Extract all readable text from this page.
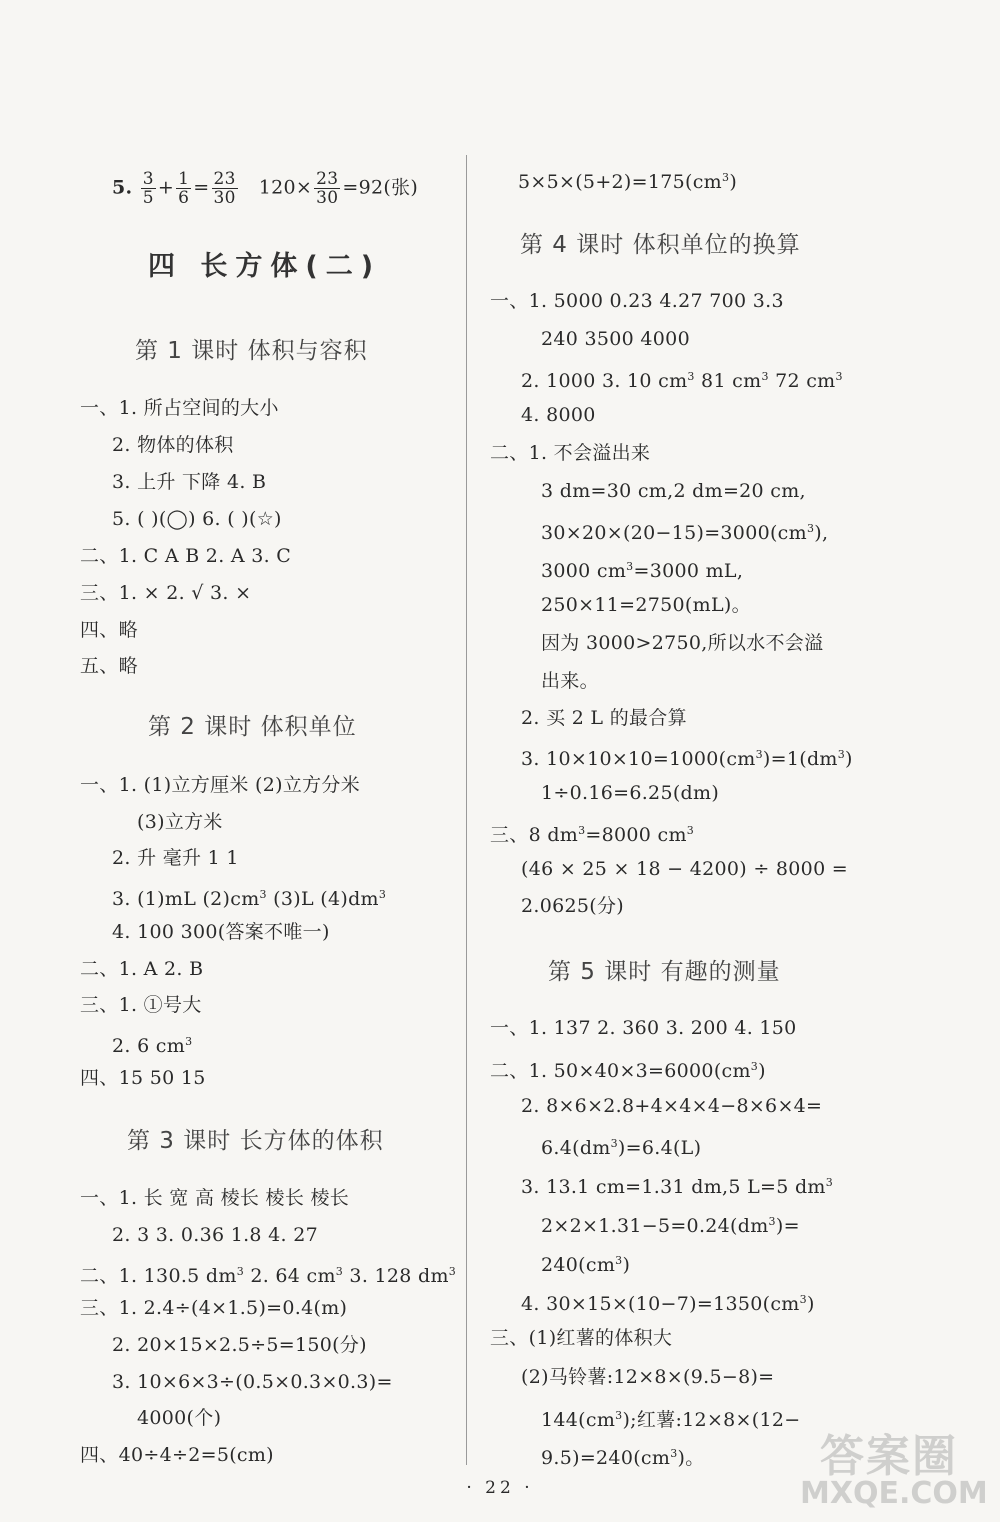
5. $\frac{3}{5} + \frac{1}{6} = \frac{23}{30} 120\times \frac{23}{30} =92$(张)
四 长方体(二)
第 1 课时 体积与容积
一、1. 所占空间的大小
2. 物体的体积
3. 上升 下降 4. B
5. ( )(◯) 6. ( )(☆)
二、1. C A B 2. A 3. C
三、1. × 2. √ 3. ×
四、略
五、略
第 2 课时 体积单位
一、1. (1)立方厘米 (2)立方分米
(3)立方米
2. 升 毫升 1 1
3. (1)mL $(2)cm^3$ (3)L $(4)dm^3$
4. 100 300(答案不唯一)
二、1. A 2. B
三、1. ①号大
2. 6 $cm^3$
四、15 50 15
第 3 课时 长方体的体积
一、1. 长 宽 高 棱长 棱长 棱长
2. 3 3. 0.36 1.8 4. 27
二、1. 130.5 $dm^3$ 2. 64 $cm^3$ 3. 128 $dm^3$
三、1. 2.4÷(4×1.5)=0.4(m)
2. 20×15×2.5÷5=150(分)
3. 10×6×3÷(0.5×0.3×0.3)=
4000(个)
四、40÷4÷2=5(cm)
$5\times 5\times(5+2)=175(cm^3)$
第 4 课时 体积单位的换算
一、1. 5000 0.23 4.27 700 3.3
240 3500 4000
2. 1000 3. 10 $cm^3$ 81 $cm^3$ 72 $cm^3$
4. 8000
二、1. 不会溢出来
3 dm=30 cm,2 dm=20 cm,
$30\times 20\times(20-15)=3000(cm^3)$,
3000 $cm^3=3000$ mL,
250×11=2750(mL)。
因为 3000>2750,所以水不会溢
出来。
2. 买 2 L 的最合算
3. $10\times 10\times 10=1000(cm^3)=1(dm^3)$
1÷0.16=6.25(dm)
三、8 $dm^3=8000$ $cm^3$
(46 × 25 × 18 − 4200) ÷ 8000 =
2.0625(分)
第 5 课时 有趣的测量
一、1. 137 2. 360 3. 200 4. 150
二、1. $50\times 40\times 3=6000(cm^3)$
2. 8×6×2.8+4×4×4−8×6×4=
$6.4(dm^3)=6.4(L)$
3. 13.1 cm=1.31 dm,5 L=5 $dm^3$
$2\times 2\times 1.31-5=0.24(dm^3)=$
$240(cm^3)$
4. $30\times 15\times(10-7)=1350(cm^3)$
三、(1)红薯的体积大
(2)马铃薯:12×8×(9.5−8)=
$144(cm^3)$;红薯:12×8×(12−
$9.5)=240(cm^3)$。
· 22 ·
答案圈
MXQE.COM
